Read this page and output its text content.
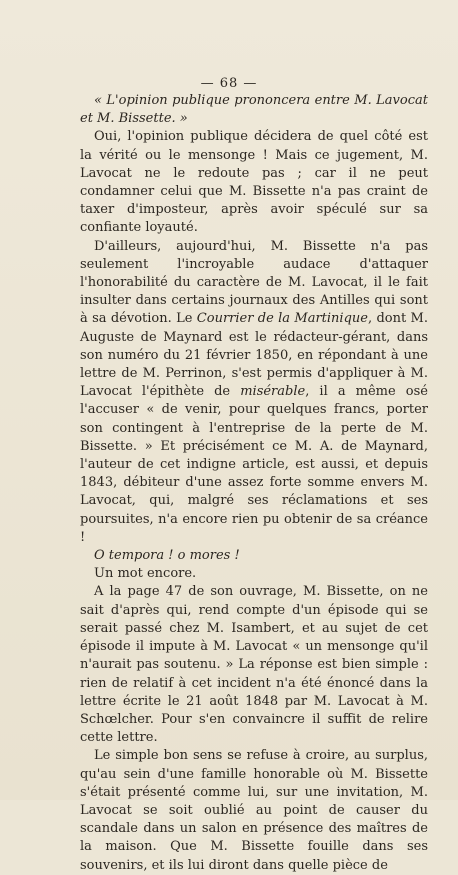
— 68 —

« L'opinion publique prononcera entre M. Lavocat et M. Bissette. »

Oui, l'opinion publique décidera de quel côté est la vérité ou le mensonge ! Mais ce jugement, M. Lavocat ne le redoute pas ; car il ne peut condamner celui que M. Bissette n'a pas craint de taxer d'imposteur, après avoir spéculé sur sa confiante loyauté.

D'ailleurs, aujourd'hui, M. Bissette n'a pas seulement l'incroyable audace d'attaquer l'honorabilité du caractère de M. Lavocat, il le fait insulter dans certains journaux des Antilles qui sont à sa dévotion. Le Courrier de la Martinique, dont M. Auguste de Maynard est le rédacteur-gérant, dans son numéro du 21 février 1850, en répondant à une lettre de M. Perrinon, s'est permis d'appliquer à M. Lavocat l'épithète de misérable, il a même osé l'accuser « de venir, pour quelques francs, porter son contingent à l'entreprise de la perte de M. Bissette. » Et précisément ce M. A. de Maynard, l'auteur de cet indigne article, est aussi, et depuis 1843, débiteur d'une assez forte somme envers M. Lavocat, qui, malgré ses réclamations et ses poursuites, n'a encore rien pu obtenir de sa créance !

O tempora ! o mores !

Un mot encore.

A la page 47 de son ouvrage, M. Bissette, on ne sait d'après qui, rend compte d'un épisode qui se serait passé chez M. Isambert, et au sujet de cet épisode il impute à M. Lavocat « un mensonge qu'il n'aurait pas soutenu. » La réponse est bien simple : rien de relatif à cet incident n'a été énoncé dans la lettre écrite le 21 août 1848 par M. Lavocat à M. Schœlcher. Pour s'en convaincre il suffit de relire cette lettre.

Le simple bon sens se refuse à croire, au surplus, qu'au sein d'une famille honorable où M. Bissette s'était présenté comme lui, sur une invitation, M. Lavocat se soit oublié au point de causer du scandale dans un salon en présence des maîtres de la maison. Que M. Bissette fouille dans ses souvenirs, et ils lui diront dans quelle pièce de
